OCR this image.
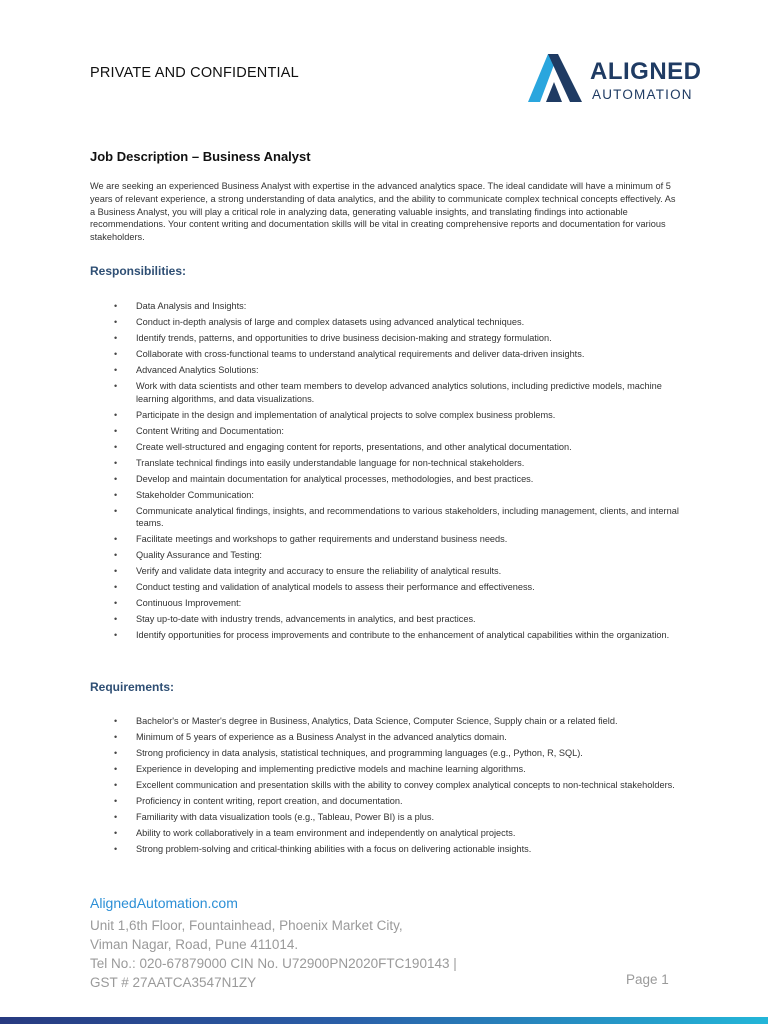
PRIVATE AND CONFIDENTIAL	ALIGNED
AUTOMATION
Job Description – Business Analyst
We are seeking an experienced Business Analyst with expertise in the advanced analytics space. The ideal candidate will have a minimum of 5 years of relevant experience, a strong understanding of data analytics, and the ability to communicate complex technical concepts effectively. As a Business Analyst, you will play a critical role in analyzing data, generating valuable insights, and translating findings into actionable recommendations. Your content writing and documentation skills will be vital in creating comprehensive reports and documentation for various stakeholders.
Responsibilities:
• Data Analysis and Insights:
• Conduct in-depth analysis of large and complex datasets using advanced analytical techniques.
• Identify trends, patterns, and opportunities to drive business decision-making and strategy formulation.
• Collaborate with cross-functional teams to understand analytical requirements and deliver data-driven insights.
• Advanced Analytics Solutions:
• Work with data scientists and other team members to develop advanced analytics solutions, including predictive models, machine learning algorithms, and data visualizations.
• Participate in the design and implementation of analytical projects to solve complex business problems.
• Content Writing and Documentation:
• Create well-structured and engaging content for reports, presentations, and other analytical documentation.
• Translate technical findings into easily understandable language for non-technical stakeholders.
• Develop and maintain documentation for analytical processes, methodologies, and best practices.
• Stakeholder Communication:
• Communicate analytical findings, insights, and recommendations to various stakeholders, including management, clients, and internal teams.
• Facilitate meetings and workshops to gather requirements and understand business needs.
• Quality Assurance and Testing:
• Verify and validate data integrity and accuracy to ensure the reliability of analytical results.
• Conduct testing and validation of analytical models to assess their performance and effectiveness.
• Continuous Improvement:
• Stay up-to-date with industry trends, advancements in analytics, and best practices.
• Identify opportunities for process improvements and contribute to the enhancement of analytical capabilities within the organization.
Requirements:
• Bachelor's or Master's degree in Business, Analytics, Data Science, Computer Science, Supply chain or a related field.
• Minimum of 5 years of experience as a Business Analyst in the advanced analytics domain.
• Strong proficiency in data analysis, statistical techniques, and programming languages (e.g., Python, R, SQL).
• Experience in developing and implementing predictive models and machine learning algorithms.
• Excellent communication and presentation skills with the ability to convey complex analytical concepts to non-technical stakeholders.
• Proficiency in content writing, report creation, and documentation.
• Familiarity with data visualization tools (e.g., Tableau, Power BI) is a plus.
• Ability to work collaboratively in a team environment and independently on analytical projects.
• Strong problem-solving and critical-thinking abilities with a focus on delivering actionable insights.
AlignedAutomation.com
Unit 1,6th Floor, Fountainhead, Phoenix Market City,
Viman Nagar, Road, Pune 411014.
Tel No.: 020-67879000 CIN No. U72900PN2020FTC190143 |
GST # 27AATCA3547N1ZY	Page 1
